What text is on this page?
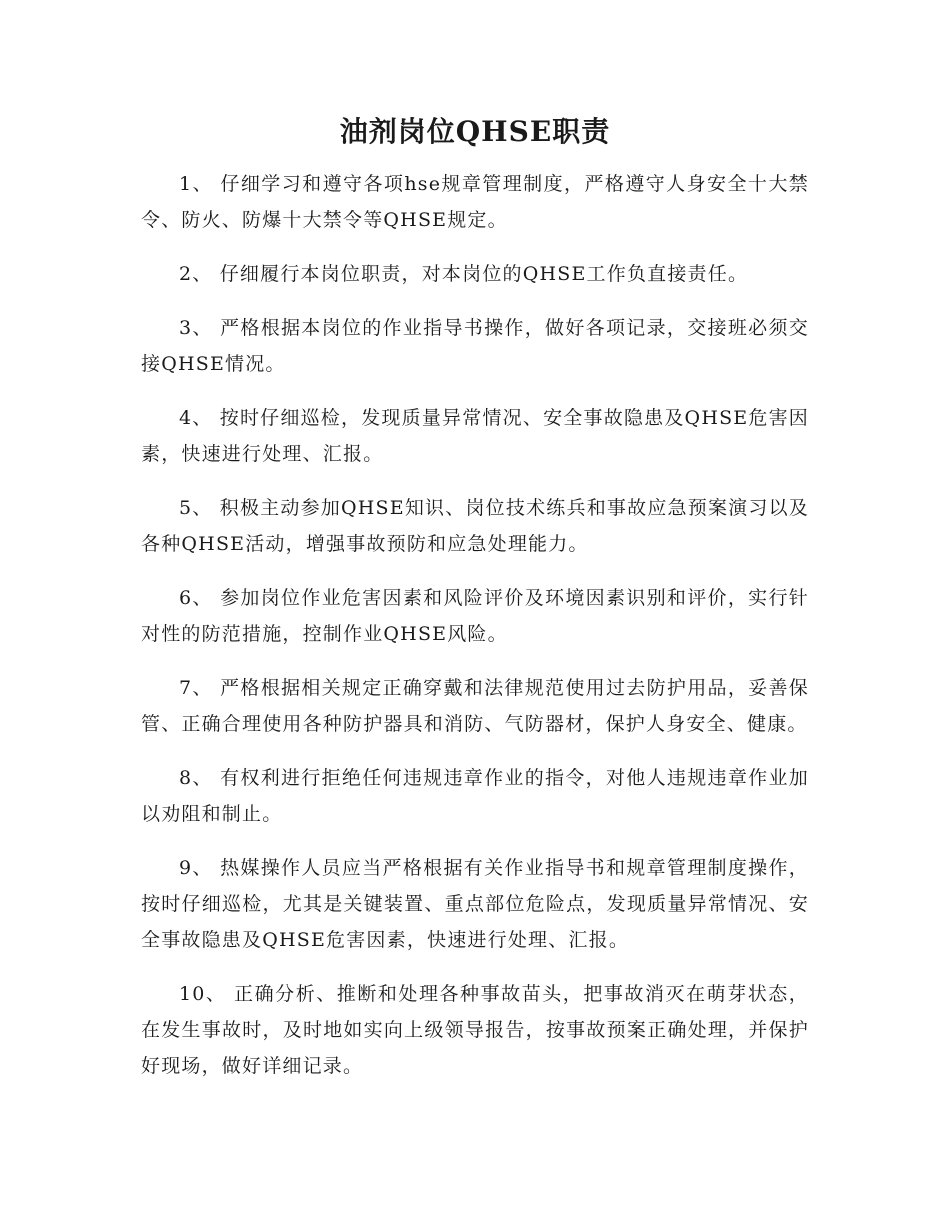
油剂岗位QHSE职责

1、 仔细学习和遵守各项hse规章管理制度，严格遵守人身安全十大禁令、防火、防爆十大禁令等QHSE规定。

2、 仔细履行本岗位职责，对本岗位的QHSE工作负直接责任。

3、 严格根据本岗位的作业指导书操作，做好各项记录，交接班必须交接QHSE情况。

4、 按时仔细巡检，发现质量异常情况、安全事故隐患及QHSE危害因素，快速进行处理、汇报。

5、 积极主动参加QHSE知识、岗位技术练兵和事故应急预案演习以及各种QHSE活动，增强事故预防和应急处理能力。

6、 参加岗位作业危害因素和风险评价及环境因素识别和评价，实行针对性的防范措施，控制作业QHSE风险。

7、 严格根据相关规定正确穿戴和法律规范使用过去防护用品，妥善保管、正确合理使用各种防护器具和消防、气防器材，保护人身安全、健康。

8、 有权利进行拒绝任何违规违章作业的指令，对他人违规违章作业加以劝阻和制止。

9、 热媒操作人员应当严格根据有关作业指导书和规章管理制度操作，按时仔细巡检，尤其是关键装置、重点部位危险点，发现质量异常情况、安全事故隐患及QHSE危害因素，快速进行处理、汇报。

10、 正确分析、推断和处理各种事故苗头，把事故消灭在萌芽状态，在发生事故时，及时地如实向上级领导报告，按事故预案正确处理，并保护好现场，做好详细记录。
